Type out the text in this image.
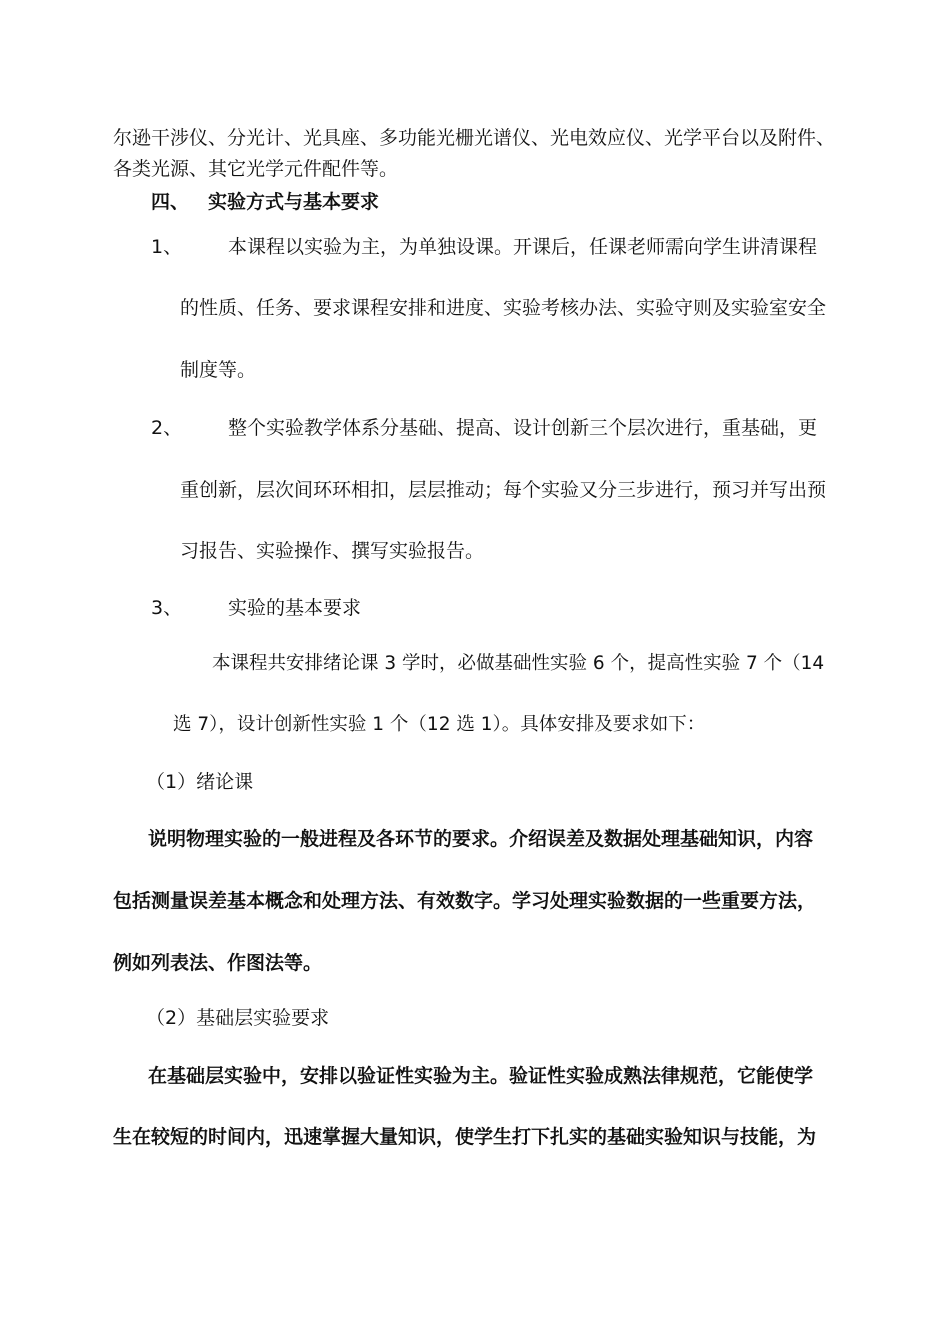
尔逊干涉仪、分光计、光具座、多功能光栅光谱仪、光电效应仪、光学平台以及附件、
各类光源、其它光学元件配件等。
四、 实验方式与基本要求
1、 本课程以实验为主，为单独设课。开课后，任课老师需向学生讲清课程
的性质、任务、要求课程安排和进度、实验考核办法、实验守则及实验室安全
制度等。
2、 整个实验教学体系分基础、提高、设计创新三个层次进行，重基础，更
重创新，层次间环环相扣，层层推动；每个实验又分三步进行，预习并写出预
习报告、实验操作、撰写实验报告。
3、 实验的基本要求
本课程共安排绪论课 3 学时，必做基础性实验 6 个，提高性实验 7 个（14
选 7），设计创新性实验 1 个（12 选 1）。具体安排及要求如下：
（1）绪论课
说明物理实验的一般进程及各环节的要求。介绍误差及数据处理基础知识，内容
包括测量误差基本概念和处理方法、有效数字。学习处理实验数据的一些重要方法，
例如列表法、作图法等。
（2）基础层实验要求
在基础层实验中，安排以验证性实验为主。验证性实验成熟法律规范，它能使学
生在较短的时间内，迅速掌握大量知识，使学生打下扎实的基础实验知识与技能，为
